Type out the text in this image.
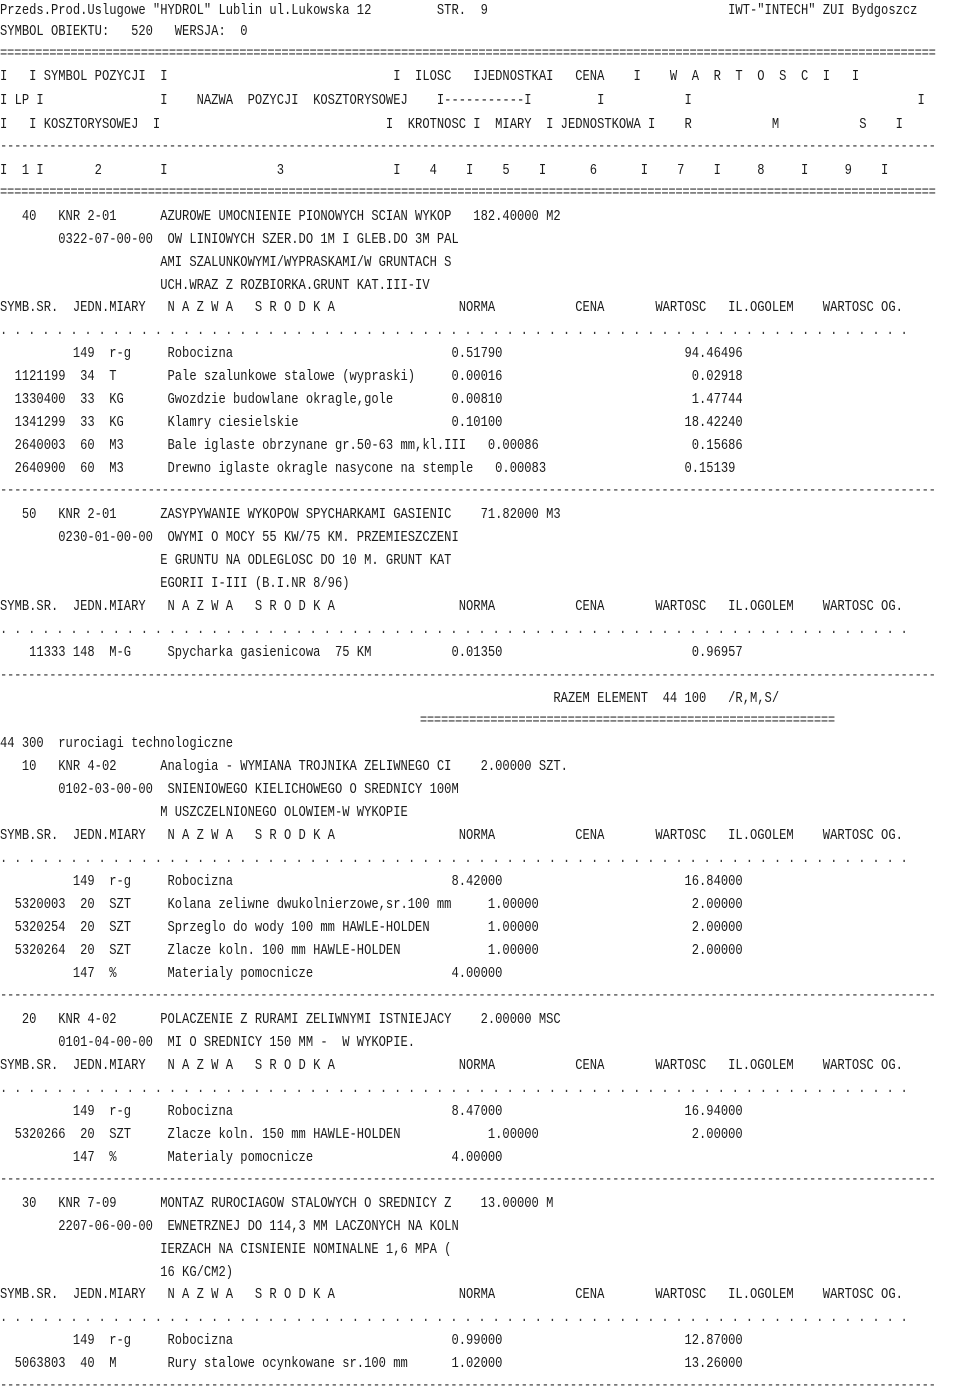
Przeds.Prod.Uslugowe "HYDROL" Lublin ul.Lukowska 12         STR.  9                                 IWT-"INTECH" ZUI Bydgoszcz
SYMBOL OBIEKTU:   520   WERSJA:  0
=====================================================================================================================================
I   I SYMBOL POZYCJI  I                               I  ILOSC   IJEDNOSTKAI   CENA    I    W  A  R  T  O  S  C  I   I
I LP I                I    NAZWA  POZYCJI  KOSZTORYSOWEJ    I-----------I         I           I                               I
I   I KOSZTORYSOWEJ  I                               I  KROTNOSC I  MIARY  I JEDNOSTKOWA I    R           M           S    I
-------------------------------------------------------------------------------------------------------------------------------------
I  1 I       2        I               3               I    4    I    5    I      6      I    7    I     8     I     9    I
=====================================================================================================================================
40   KNR 2-01      AZUROWE UMOCNIENIE PIONOWYCH SCIAN WYKOP   182.40000 M2
0322-07-00-00  OW LINIOWYCH SZER.DO 1M I GLEB.DO 3M PAL
AMI SZALUNKOWYMI/WYPRASKAMI/W GRUNTACH S
UCH.WRAZ Z ROZBIORKA.GRUNT KAT.III-IV
SYMB.SR.  JEDN.MIARY   N A Z W A   S R O D K A                 NORMA           CENA       WARTOSC   IL.OGOLEM    WARTOSC OG.
. . . . . . . . . . . . . . . . . . . . . . . . . . . . . . . . . . . . . . . . . . . . . . . . . . . . . . . . . . . . . . . . .
149  r-g     Robocizna                              0.51790                         94.46496
1121199  34  T       Pale szalunkowe stalowe (wypraski)     0.00016                          0.02918
1330400  33  KG      Gwozdzie budowlane okragle,gole        0.00810                          1.47744
1341299  33  KG      Klamry ciesielskie                     0.10100                         18.42240
2640003  60  M3      Bale iglaste obrzynane gr.50-63 mm,kl.III   0.00086                     0.15686
2640900  60  M3      Drewno iglaste okragle nasycone na stemple   0.00083                   0.15139
-------------------------------------------------------------------------------------------------------------------------------------
50   KNR 2-01      ZASYPYWANIE WYKOPOW SPYCHARKAMI GASIENIC    71.82000 M3
0230-01-00-00  OWYMI O MOCY 55 KW/75 KM. PRZEMIESZCZENI
E GRUNTU NA ODLEGLOSC DO 10 M. GRUNT KAT
EGORII I-III (B.I.NR 8/96)
SYMB.SR.  JEDN.MIARY   N A Z W A   S R O D K A                 NORMA           CENA       WARTOSC   IL.OGOLEM    WARTOSC OG.
. . . . . . . . . . . . . . . . . . . . . . . . . . . . . . . . . . . . . . . . . . . . . . . . . . . . . . . . . . . . . . . . .
11333 148  M-G     Spycharka gasienicowa  75 KM           0.01350                          0.96957
-------------------------------------------------------------------------------------------------------------------------------------
RAZEM ELEMENT  44 100   /R,M,S/
===========================================================
44 300  rurociagi technologiczne
10   KNR 4-02      Analogia - WYMIANA TROJNIKA ZELIWNEGO CI    2.00000 SZT.
0102-03-00-00  SNIENIOWEGO KIELICHOWEGO O SREDNICY 100M
M USZCZELNIONEGO OLOWIEM-W WYKOPIE
SYMB.SR.  JEDN.MIARY   N A Z W A   S R O D K A                 NORMA           CENA       WARTOSC   IL.OGOLEM    WARTOSC OG.
. . . . . . . . . . . . . . . . . . . . . . . . . . . . . . . . . . . . . . . . . . . . . . . . . . . . . . . . . . . . . . . . .
149  r-g     Robocizna                              8.42000                         16.84000
5320003  20  SZT     Kolana zeliwne dwukolnierzowe,sr.100 mm     1.00000                     2.00000
5320254  20  SZT     Sprzeglo do wody 100 mm HAWLE-HOLDEN        1.00000                     2.00000
5320264  20  SZT     Zlacze koln. 100 mm HAWLE-HOLDEN            1.00000                     2.00000
147  %       Materialy pomocnicze                   4.00000
-------------------------------------------------------------------------------------------------------------------------------------
20   KNR 4-02      POLACZENIE Z RURAMI ZELIWNYMI ISTNIEJACY    2.00000 MSC
0101-04-00-00  MI O SREDNICY 150 MM -  W WYKOPIE.
SYMB.SR.  JEDN.MIARY   N A Z W A   S R O D K A                 NORMA           CENA       WARTOSC   IL.OGOLEM    WARTOSC OG.
. . . . . . . . . . . . . . . . . . . . . . . . . . . . . . . . . . . . . . . . . . . . . . . . . . . . . . . . . . . . . . . . .
149  r-g     Robocizna                              8.47000                         16.94000
5320266  20  SZT     Zlacze koln. 150 mm HAWLE-HOLDEN            1.00000                     2.00000
147  %       Materialy pomocnicze                   4.00000
-------------------------------------------------------------------------------------------------------------------------------------
30   KNR 7-09      MONTAZ RUROCIAGOW STALOWYCH O SREDNICY Z    13.00000 M
2207-06-00-00  EWNETRZNEJ DO 114,3 MM LACZONYCH NA KOLN
IERZACH NA CISNIENIE NOMINALNE 1,6 MPA (
16 KG/CM2)
SYMB.SR.  JEDN.MIARY   N A Z W A   S R O D K A                 NORMA           CENA       WARTOSC   IL.OGOLEM    WARTOSC OG.
. . . . . . . . . . . . . . . . . . . . . . . . . . . . . . . . . . . . . . . . . . . . . . . . . . . . . . . . . . . . . . . . .
149  r-g     Robocizna                              0.99000                         12.87000
5063803  40  M       Rury stalowe ocynkowane sr.100 mm      1.02000                         13.26000
-------------------------------------------------------------------------------------------------------------------------------------
